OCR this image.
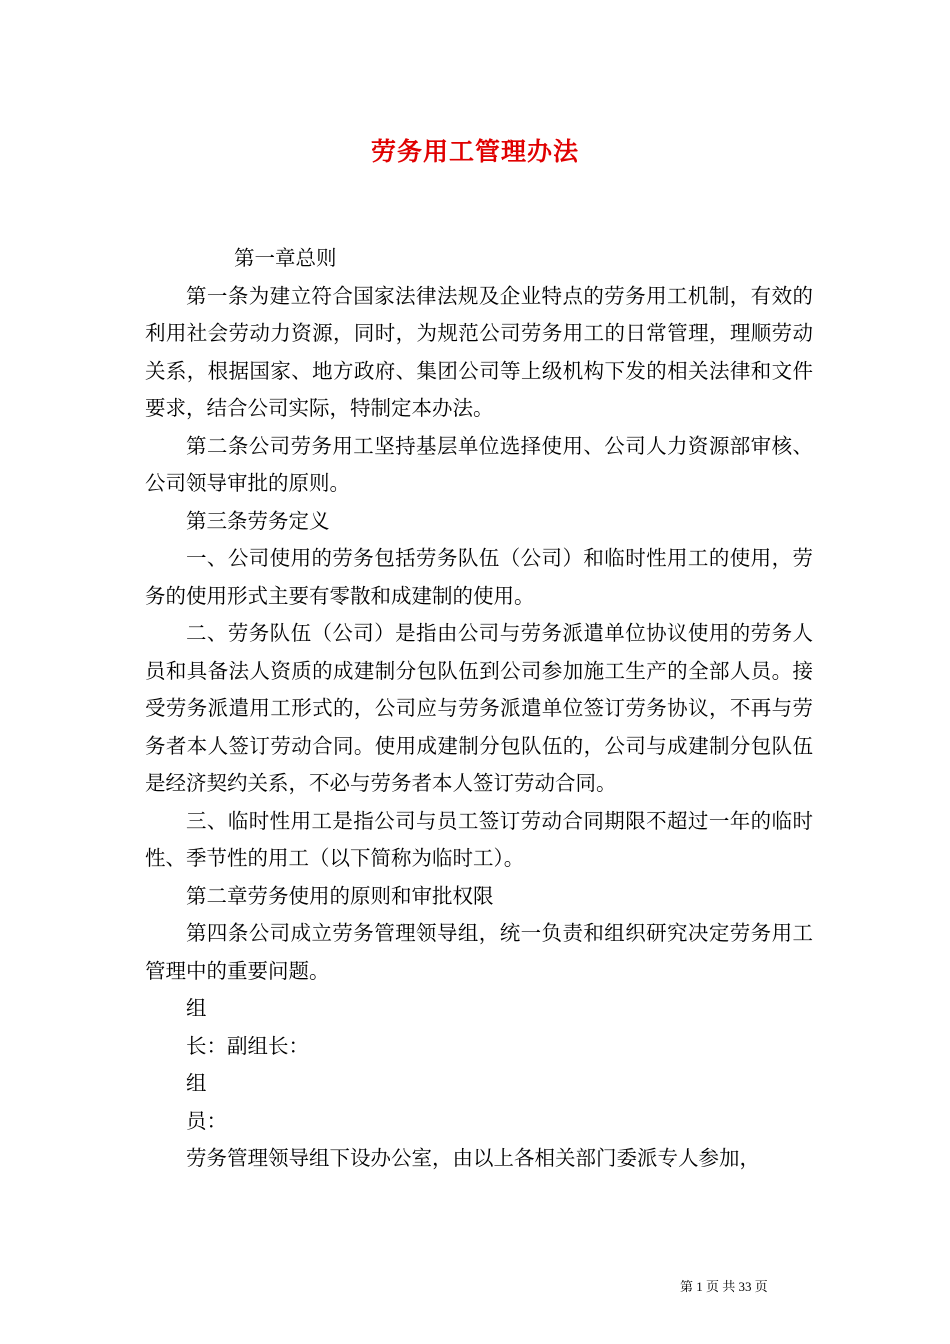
劳务用工管理办法

第一章总则

第一条为建立符合国家法律法规及企业特点的劳务用工机制，有效的利用社会劳动力资源，同时，为规范公司劳务用工的日常管理，理顺劳动关系，根据国家、地方政府、集团公司等上级机构下发的相关法律和文件要求，结合公司实际，特制定本办法。

第二条公司劳务用工坚持基层单位选择使用、公司人力资源部审核、公司领导审批的原则。

第三条劳务定义

一、公司使用的劳务包括劳务队伍（公司）和临时性用工的使用，劳务的使用形式主要有零散和成建制的使用。

二、劳务队伍（公司）是指由公司与劳务派遣单位协议使用的劳务人员和具备法人资质的成建制分包队伍到公司参加施工生产的全部人员。接受劳务派遣用工形式的，公司应与劳务派遣单位签订劳务协议，不再与劳务者本人签订劳动合同。使用成建制分包队伍的，公司与成建制分包队伍是经济契约关系，不必与劳务者本人签订劳动合同。

三、临时性用工是指公司与员工签订劳动合同期限不超过一年的临时性、季节性的用工（以下简称为临时工）。

第二章劳务使用的原则和审批权限

第四条公司成立劳务管理领导组，统一负责和组织研究决定劳务用工管理中的重要问题。

组

长：副组长：

组

员：

劳务管理领导组下设办公室，由以上各相关部门委派专人参加，

第 1 页 共 33 页
